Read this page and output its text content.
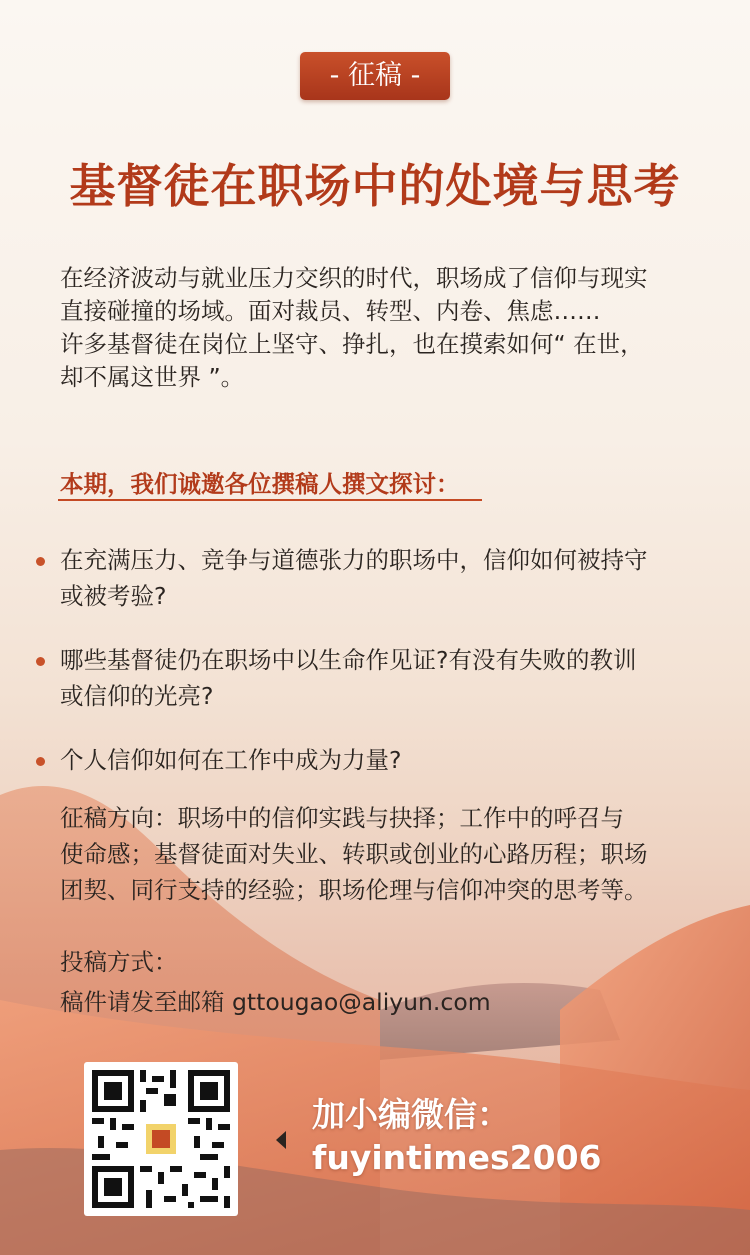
- 征稿 -
基督徒在职场中的处境与思考
在经济波动与就业压力交织的时代，职场成了信仰与现实
直接碰撞的场域。面对裁员、转型、内卷、焦虑……
许多基督徒在岗位上坚守、挣扎，也在摸索如何“ 在世，
却不属这世界 ”。
本期，我们诚邀各位撰稿人撰文探讨：
在充满压力、竞争与道德张力的职场中，信仰如何被持守
或被考验?
哪些基督徒仍在职场中以生命作见证?有没有失败的教训
或信仰的光亮?
个人信仰如何在工作中成为力量?
征稿方向：职场中的信仰实践与抉择；工作中的呼召与
使命感；基督徒面对失业、转职或创业的心路历程；职场
团契、同行支持的经验；职场伦理与信仰冲突的思考等。
投稿方式：
稿件请发至邮箱 gttougao@aliyun.com
加小编微信：
fuyintimes2006
